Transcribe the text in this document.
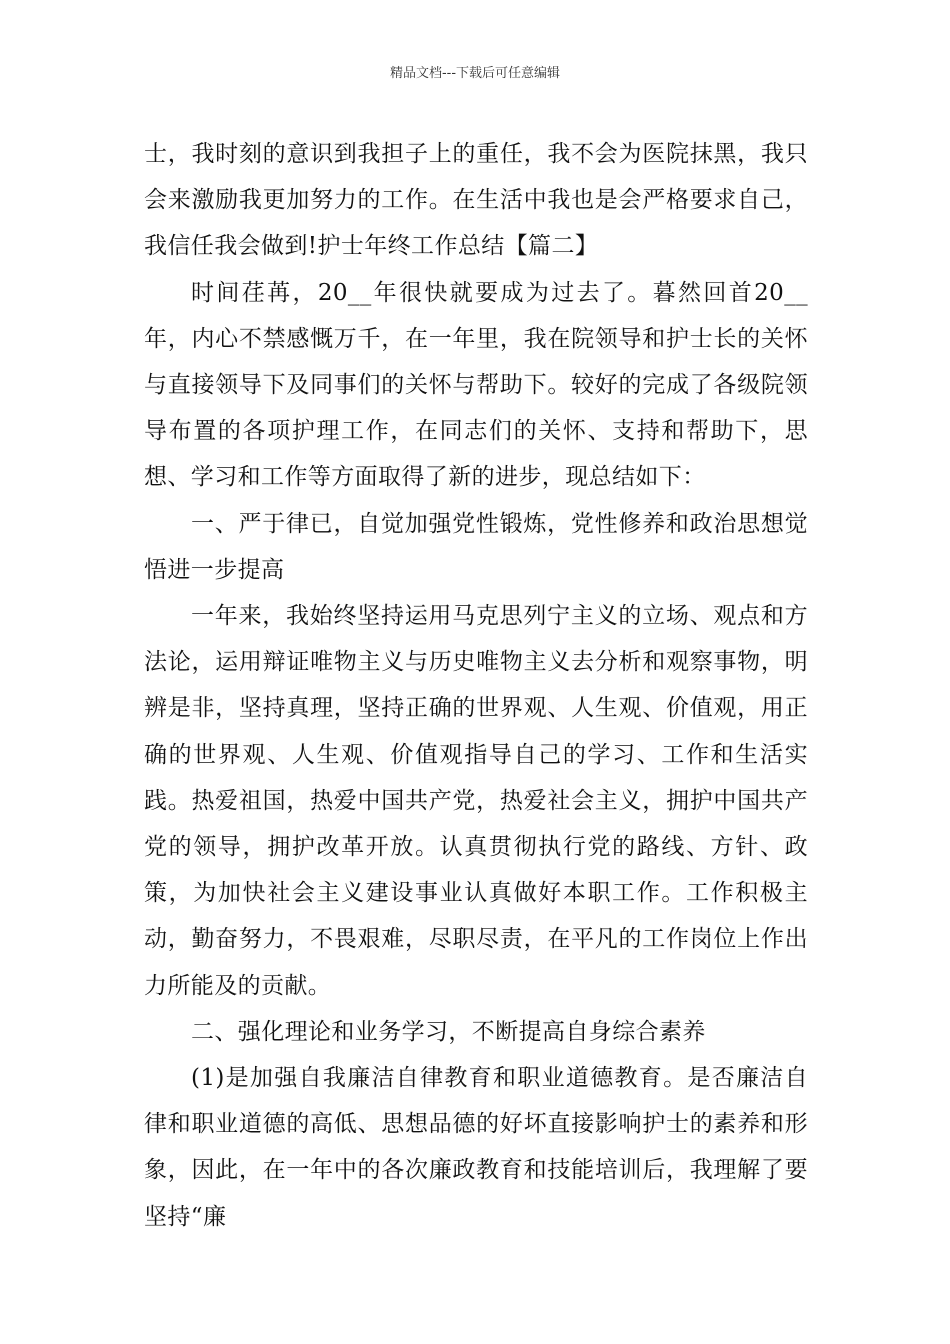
精品文档---下载后可任意编辑

士，我时刻的意识到我担子上的重任，我不会为医院抹黑，我只会来激励我更加努力的工作。在生活中我也是会严格要求自己，我信任我会做到!护士年终工作总结【篇二】

时间荏苒，20__年很快就要成为过去了。暮然回首20__年，内心不禁感慨万千，在一年里，我在院领导和护士长的关怀与直接领导下及同事们的关怀与帮助下。较好的完成了各级院领导布置的各项护理工作，在同志们的关怀、支持和帮助下，思想、学习和工作等方面取得了新的进步，现总结如下：

一、严于律已，自觉加强党性锻炼，党性修养和政治思想觉悟进一步提高

一年来，我始终坚持运用马克思列宁主义的立场、观点和方法论，运用辩证唯物主义与历史唯物主义去分析和观察事物，明辨是非，坚持真理，坚持正确的世界观、人生观、价值观，用正确的世界观、人生观、价值观指导自己的学习、工作和生活实践。热爱祖国，热爱中国共产党，热爱社会主义，拥护中国共产党的领导，拥护改革开放。认真贯彻执行党的路线、方针、政策，为加快社会主义建设事业认真做好本职工作。工作积极主动，勤奋努力，不畏艰难，尽职尽责，在平凡的工作岗位上作出力所能及的贡献。

二、强化理论和业务学习，不断提高自身综合素养

(1)是加强自我廉洁自律教育和职业道德教育。是否廉洁自律和职业道德的高低、思想品德的好坏直接影响护士的素养和形象，因此，在一年中的各次廉政教育和技能培训后，我理解了要坚持“廉
